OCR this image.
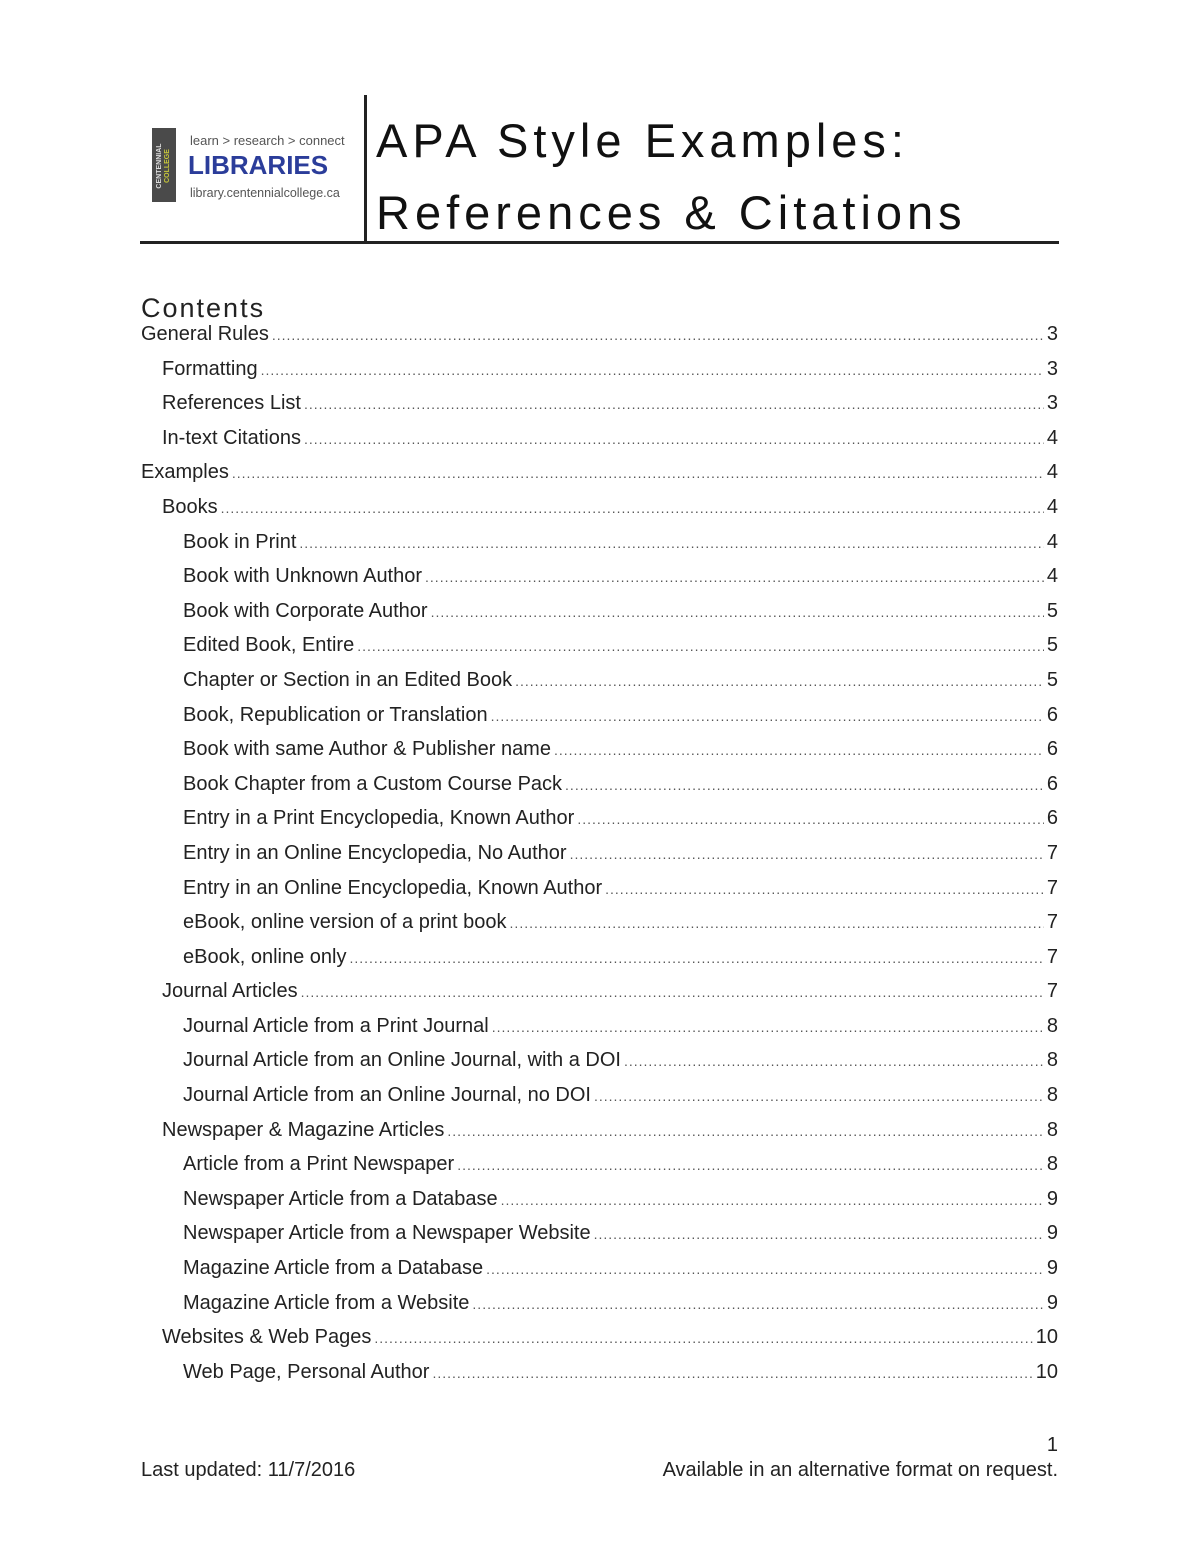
CENTENNIAL COLLEGE
learn > research > connect
LIBRARIES
library.centennialcollege.ca
APA Style Examples:
References & Citations
Contents
General Rules .....	3
Formatting .....	3
References List .....	3
In-text Citations .....	4
Examples .....	4
Books .....	4
Book in Print .....	4
Book with Unknown Author .....	4
Book with Corporate Author .....	5
Edited Book, Entire .....	5
Chapter or Section in an Edited Book .....	5
Book, Republication or Translation .....	6
Book with same Author & Publisher name .....	6
Book Chapter from a Custom Course Pack .....	6
Entry in a Print Encyclopedia, Known Author .....	6
Entry in an Online Encyclopedia, No Author .....	7
Entry in an Online Encyclopedia, Known Author .....	7
eBook, online version of a print book .....	7
eBook, online only .....	7
Journal Articles .....	7
Journal Article from a Print Journal .....	8
Journal Article from an Online Journal, with a DOI .....	8
Journal Article from an Online Journal, no DOI .....	8
Newspaper & Magazine Articles .....	8
Article from a Print Newspaper .....	8
Newspaper Article from a Database .....	9
Newspaper Article from a Newspaper Website .....	9
Magazine Article from a Database .....	9
Magazine Article from a Website .....	9
Websites & Web Pages .....	10
Web Page, Personal Author .....	10
1
Last updated: 11/7/2016	Available in an alternative format on request.
